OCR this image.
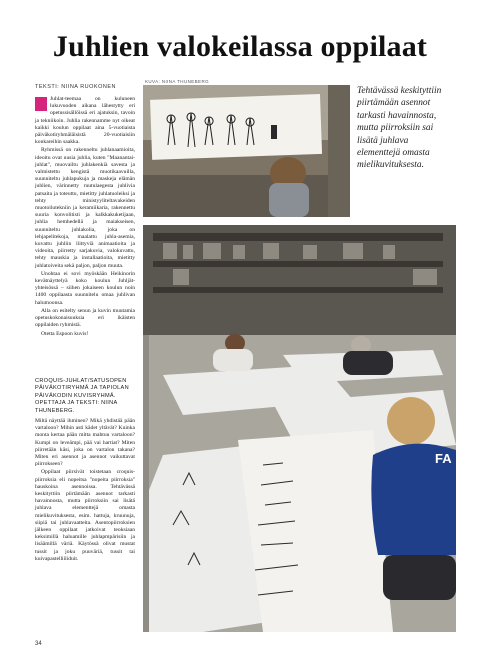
Juhlien valokeilassa oppilaat
TEKSTI: NIINA RUOKONEN
KUVA: NIINA THUNEBERG

Juhlat-teemaa on kuluneen lukuvuoden aikana lähestytty eri opetussisällöissä eri ajatuksin, tavoin ja tekniikoin. Juhlia rakennamme nyt oikeat kaikki koulun oppilaat aina 5-vuotiaista päiväkotiryhmäläisistä 20-vuotiaisiin konkareihin saakka.

Ryhmissä on rakenneltu juhlanaamioita, ideoitu ovat uusia juhlia, kuten "Maanantai-juhlat", muovailtu juhlakenkiä savesta ja valmistettu kengistä muotikaavuilla, suunniteltu juhlapukuja ja maskeja elämän juhlien, värinnetty ruutulaegesta juhlivia patsaita ja toteuttu, mietitty juhlatuoleiksi ja tehty ministyyliteltavakeiden muotoilutekniin ja keramiikaria, rakennettu suuria konvolitisti ja kalkkakuketijaan, juhlia hemhedellä ja maiakseisen, suunniteltu juhlakolia, joka on lehjapelitekoja, maalattu juhla-asemia, kuvattu juhliin liittyviä animaatioita ja videoita, piirretty sarjakuvia, valokuvattu, tehty mauskia ja installaatioita, mietitty juhlatoiveita sekä paljon, paljon muuta.

Unohtaa ei sovi myöskään Heikinorin kevätnäyttelyä koko koulun Juhljät-yhteisössä – siihen jokaiseen koulun noin 1400 oppilaasta suunnitelu omaa juhlivan halumoonsa.

Alla on esitelty senun ja kuvin muutamia opetuskokonaisuuksia eri ikäisten oppilaiden ryhmistä.

Otetta Espoon kuvis!

CROQUIS-JUHLAT/SATUSOPEN PÄIVÄKOTIRYHMÄ JA TAPIOLAN PÄIVÄKODIN KUVISRYHMÄ. OPETTAJA JA TEKSTI: NIINA THUNEBERG.

Miltä näyttää ihminen? Mikä yhdistää pään vartaloon? Mihin asti kädet yltävät? Kuinka monta kertaa pään mitta mahtuu vartaloon? Kumpi on leveämpi, pää vai hartiat? Miten piirretään käsi, joka on vartalon takana? Miten eri asennot ja asennot vaikuttavat piirrokseen?

Oppilaat piirsivät toistetaan croquis-piirroksia eli nopeitsa "nopeita piirroksia" hauskoina asennoissa. Tehtävässä keskityttiin piirtämään asennot tarkasti havainnosta, mutta piirroksiin sai lisätä juhlava elementtejä omasta mielikuvituksesta, esim. hattuja, kruunuja, siipiä tai juhlavaatteita. Asentopiirroksien jälkeen oppilaat jatkoivat teoksiaan keksimillä haluamille juhlapmpärisiin ja lisäämillä väriä. Käytössä olivat mustat tussit ja joku puuväriä, tussit tai kuivapastelliiliduit.

Tehtävässä keskityttiin piirtämään asennot tarkasti havainnosta, mutta piirroksiin sai lisätä juhlava elementtejä omasta mielikuvituksesta.
FA
34
